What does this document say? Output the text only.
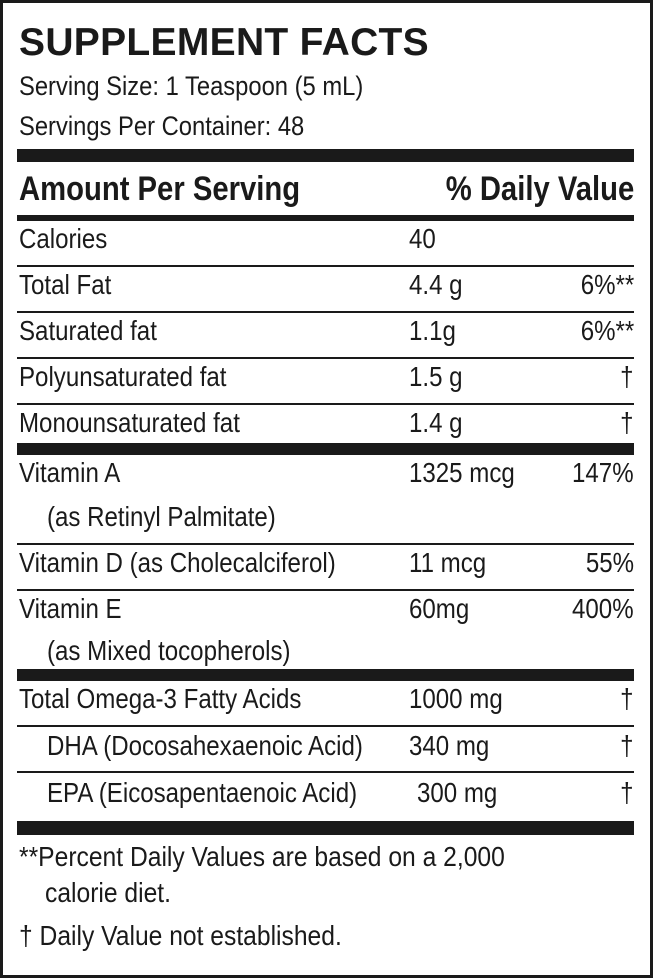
SUPPLEMENT FACTS
Serving Size: 1 Teaspoon (5 mL)
Servings Per Container: 48
Amount Per Serving	% Daily Value
Calories	40
Total Fat	4.4 g	6%**
Saturated fat	1.1g	6%**
Polyunsaturated fat	1.5 g	†
Monounsaturated fat	1.4 g	†
Vitamin A	1325 mcg 147%
(as Retinyl Palmitate)
Vitamin D (as Cholecalciferol)	11 mcg	55%
Vitamin E	60mg	400%
(as Mixed tocopherols)
Total Omega-3 Fatty Acids	1000 mg	†
DHA (Docosahexaenoic Acid) 340 mg	†
EPA (Eicosapentaenoic Acid) 300 mg	†
**Percent Daily Values are based on a 2,000
calorie diet.
† Daily Value not established.
